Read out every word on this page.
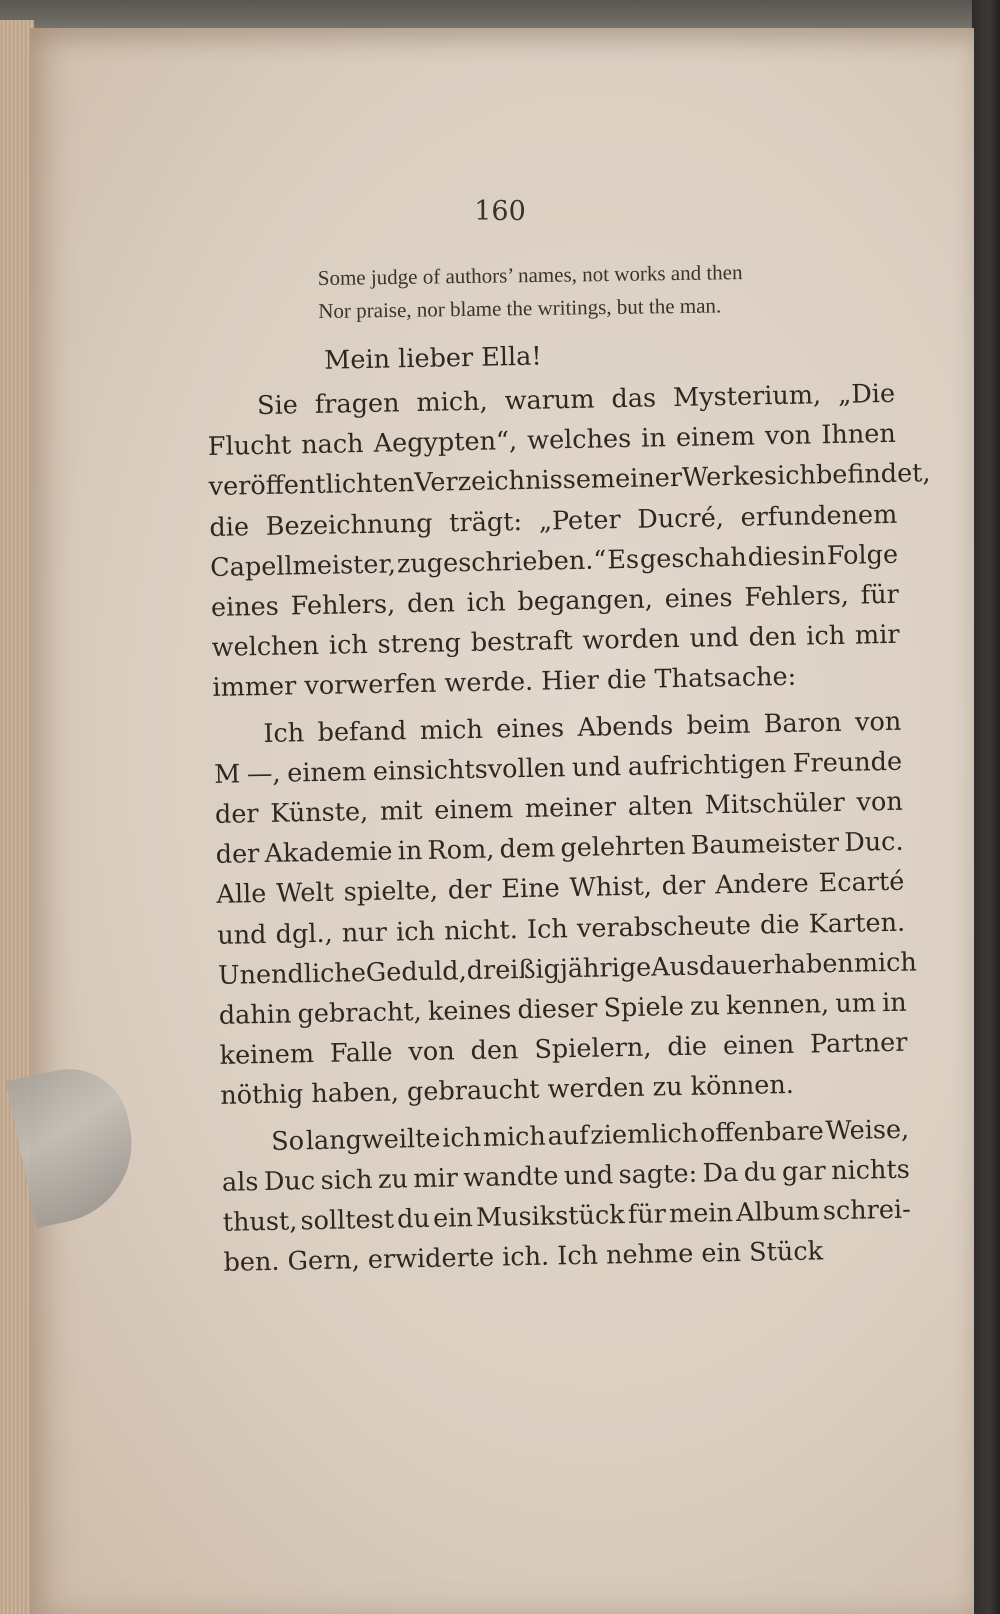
160
Some judge of authors’ names, not works and then
Nor praise, nor blame the writings, but the man.
Mein lieber Ella!
Sie fragen mich, warum das Mysterium, „Die
Flucht nach Aegypten“, welches in einem von Ihnen
veröffentlichten Verzeichnisse meiner Werke sich befindet,
die Bezeichnung trägt: „Peter Ducré, erfundenem
Capellmeister, zugeschrieben.“ Es geschah dies in Folge
eines Fehlers, den ich begangen, eines Fehlers, für
welchen ich streng bestraft worden und den ich mir
immer vorwerfen werde. Hier die Thatsache:
Ich befand mich eines Abends beim Baron von
M —, einem einsichtsvollen und aufrichtigen Freunde
der Künste, mit einem meiner alten Mitschüler von
der Akademie in Rom, dem gelehrten Baumeister Duc.
Alle Welt spielte, der Eine Whist, der Andere Ecarté
und dgl., nur ich nicht. Ich verabscheute die Karten.
Unendliche Geduld, dreißigjährige Ausdauer haben mich
dahin gebracht, keines dieser Spiele zu kennen, um in
keinem Falle von den Spielern, die einen Partner
nöthig haben, gebraucht werden zu können.
So langweilte ich mich auf ziemlich offenbare Weise,
als Duc sich zu mir wandte und sagte: Da du gar nichts
thust, solltest du ein Musikstück für mein Album schrei-
ben. Gern, erwiderte ich. Ich nehme ein Stück
